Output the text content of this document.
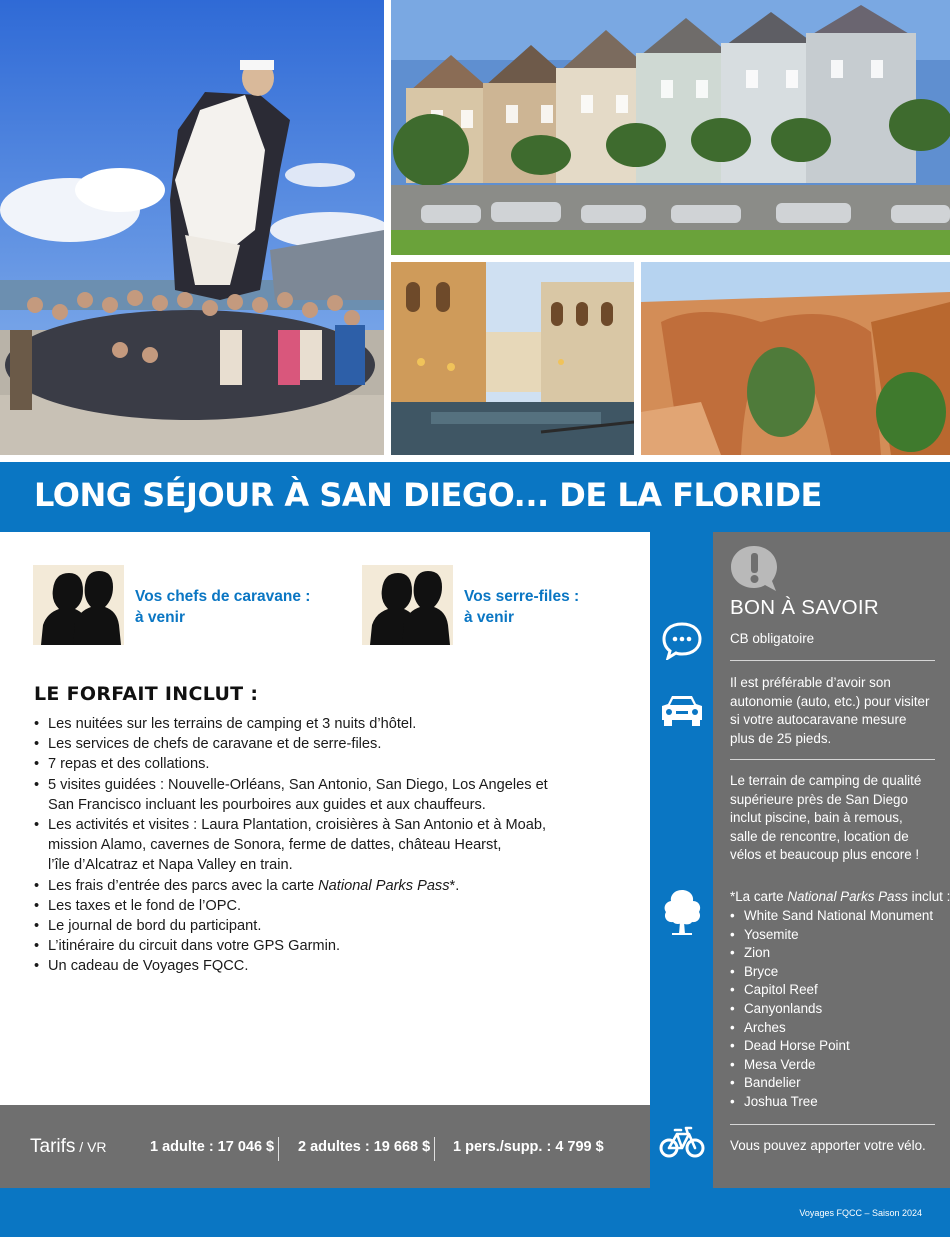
LONG SÉJOUR À SAN DIEGO... DE LA FLORIDE
Vos chefs de caravane :
à venir
Vos serre-files :
à venir
LE FORFAIT INCLUT :
• Les nuitées sur les terrains de camping et 3 nuits d’hôtel.
• Les services de chefs de caravane et de serre-files.
• 7 repas et des collations.
• 5 visites guidées : Nouvelle-Orléans, San Antonio, San Diego, Los Angeles et
San Francisco incluant les pourboires aux guides et aux chauffeurs.
• Les activités et visites : Laura Plantation, croisières à San Antonio et à Moab,
mission Alamo, cavernes de Sonora, ferme de dattes, château Hearst,
l’île d’Alcatraz et Napa Valley en train.
• Les frais d’entrée des parcs avec la carte National Parks Pass*.
• Les taxes et le fond de l’OPC.
• Le journal de bord du participant.
• L’itinéraire du circuit dans votre GPS Garmin.
• Un cadeau de Voyages FQCC.
Tarifs / VR	1 adulte : 17 046 $ 2 adultes : 19 668 $ 1 pers./supp. : 4 799 $
BON À SAVOIR
CB obligatoire
Il est préférable d’avoir son
autonomie (auto, etc.) pour visiter
si votre autocaravane mesure
plus de 25 pieds.
Le terrain de camping de qualité
supérieure près de San Diego
inclut piscine, bain à remous,
salle de rencontre, location de
vélos et beaucoup plus encore !
*La carte National Parks Pass inclut :
• White Sand National Monument
• Yosemite
• Zion
• Bryce
• Capitol Reef
• Canyonlands
• Arches
• Dead Horse Point
• Mesa Verde
• Bandelier
• Joshua Tree
Vous pouvez apporter votre vélo.
Voyages FQCC – Saison 2024
